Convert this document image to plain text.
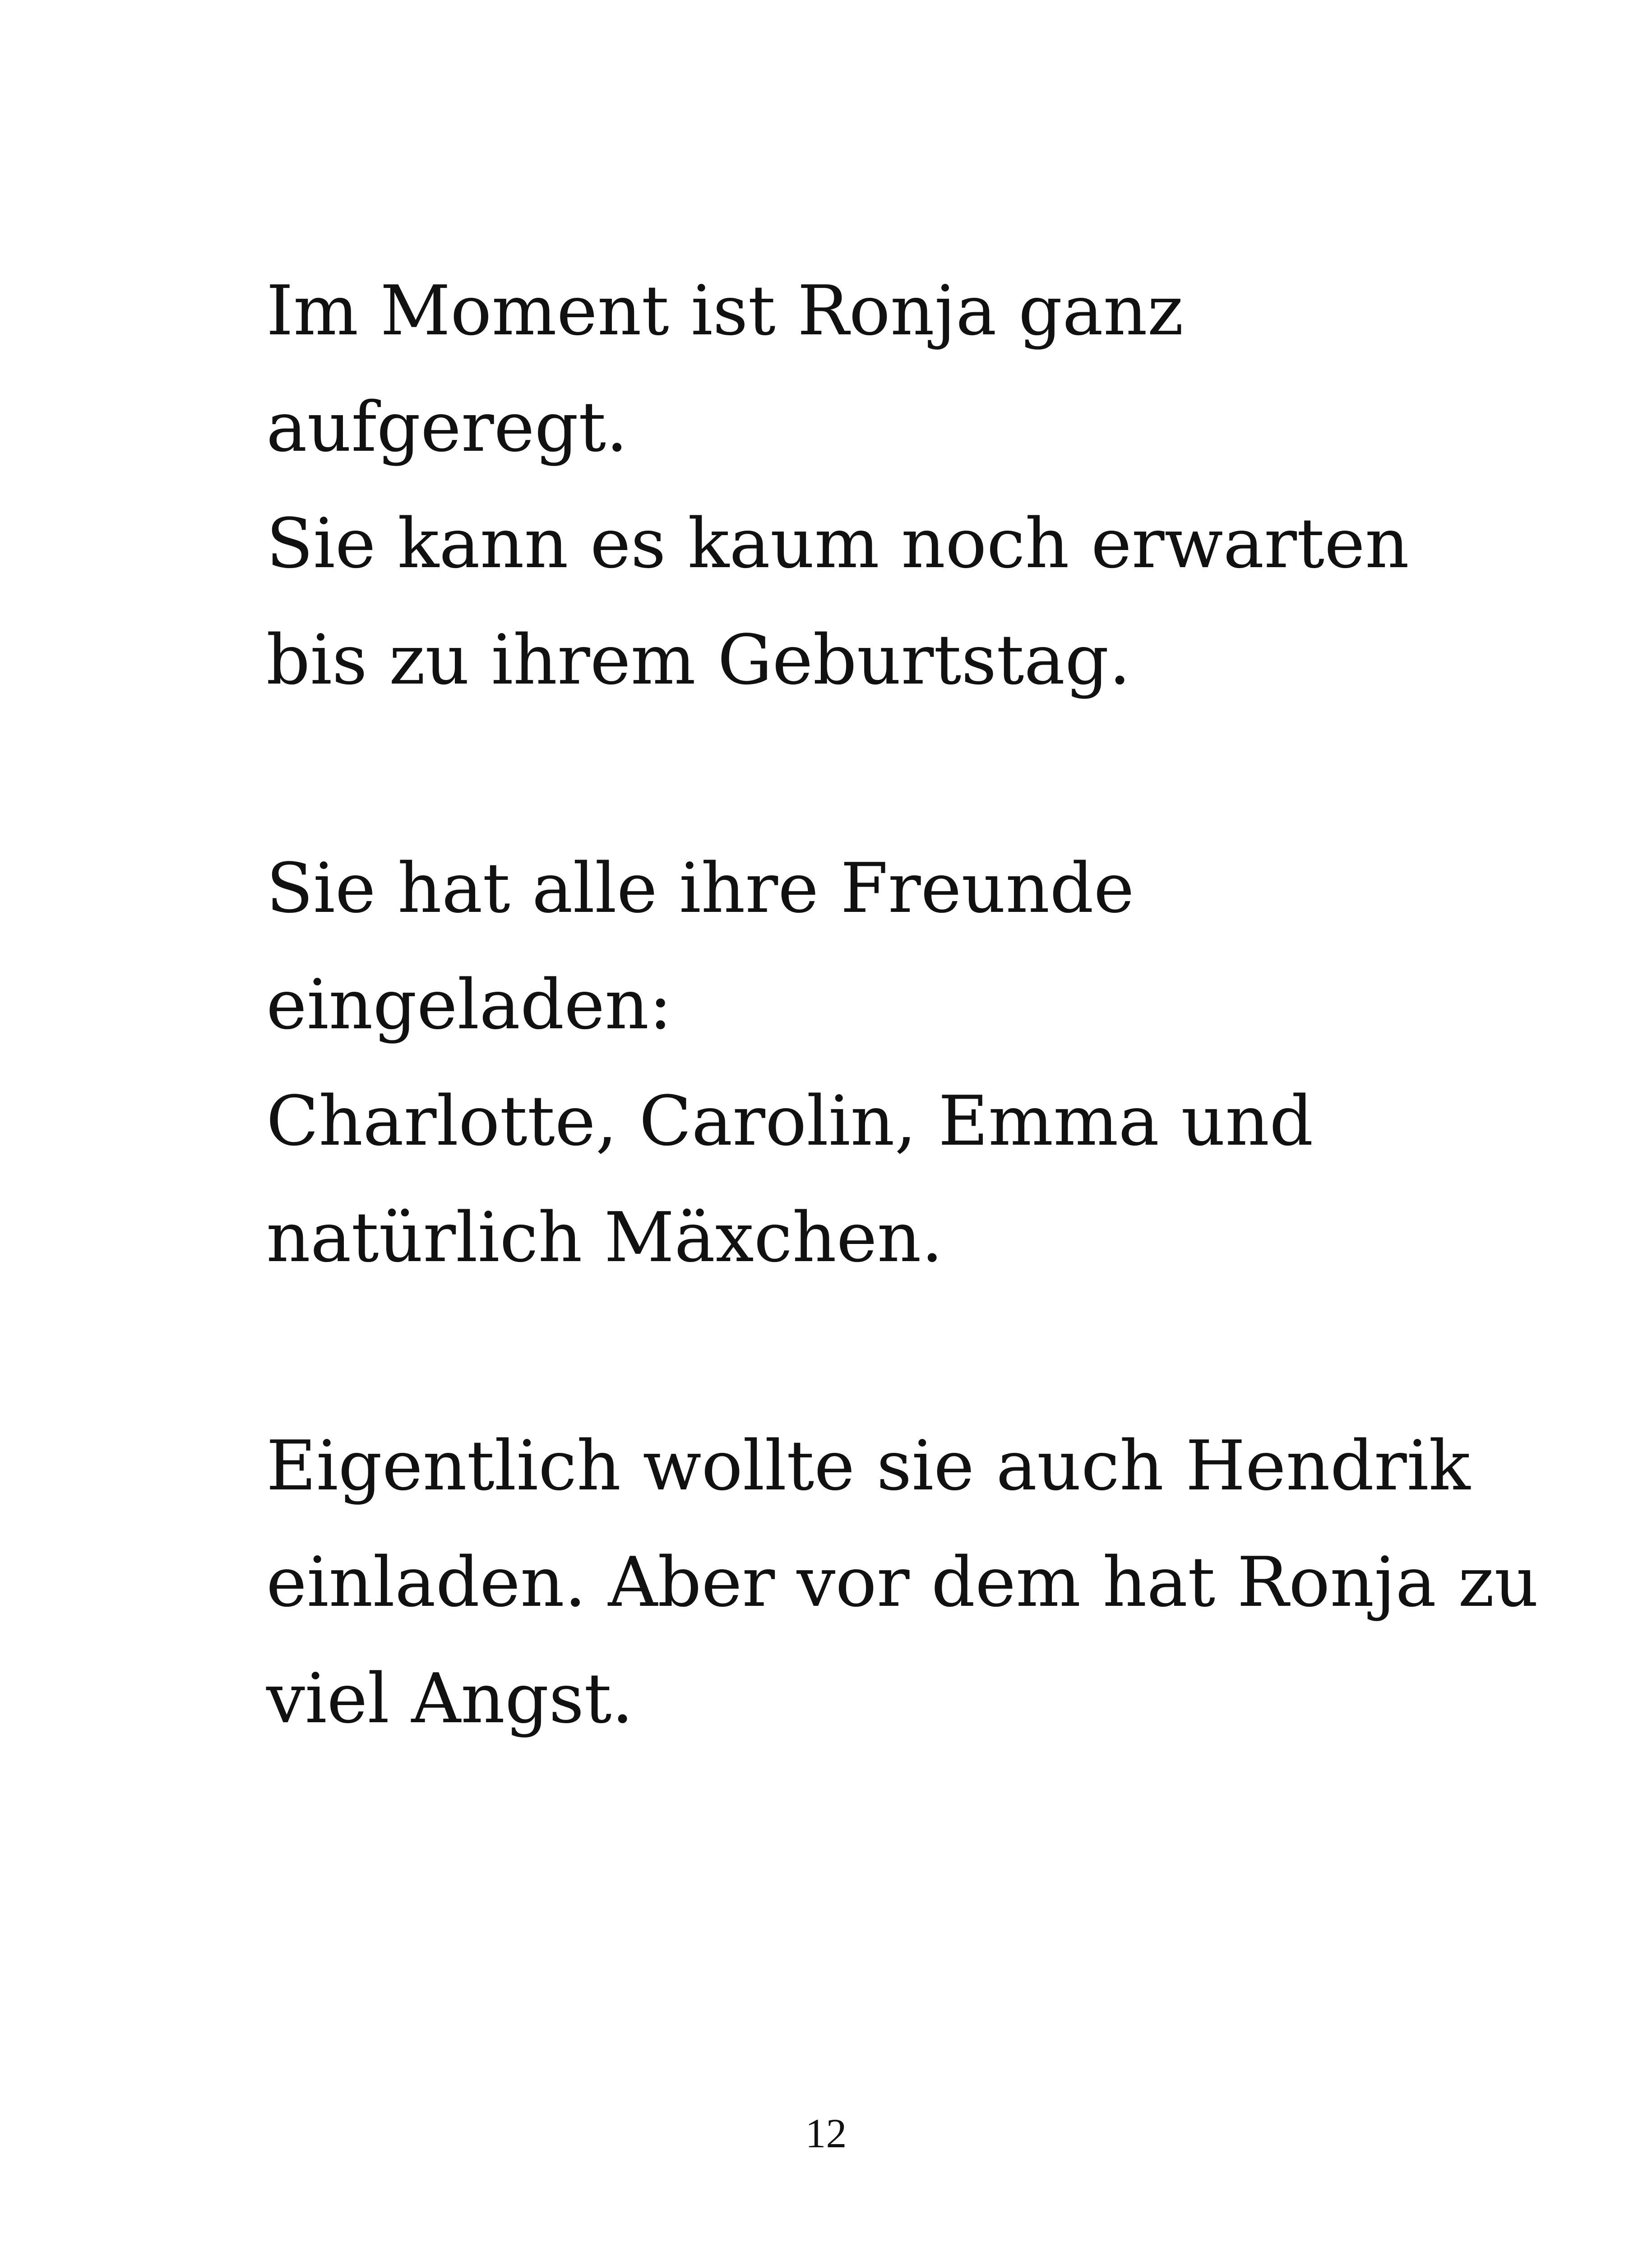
Im Moment ist Ronja ganz
aufgeregt.
Sie kann es kaum noch erwarten
bis zu ihrem Geburtstag.

Sie hat alle ihre Freunde
eingeladen:
Charlotte, Carolin, Emma und
natürlich Mäxchen.

Eigentlich wollte sie auch Hendrik
einladen. Aber vor dem hat Ronja zu
viel Angst.

12
